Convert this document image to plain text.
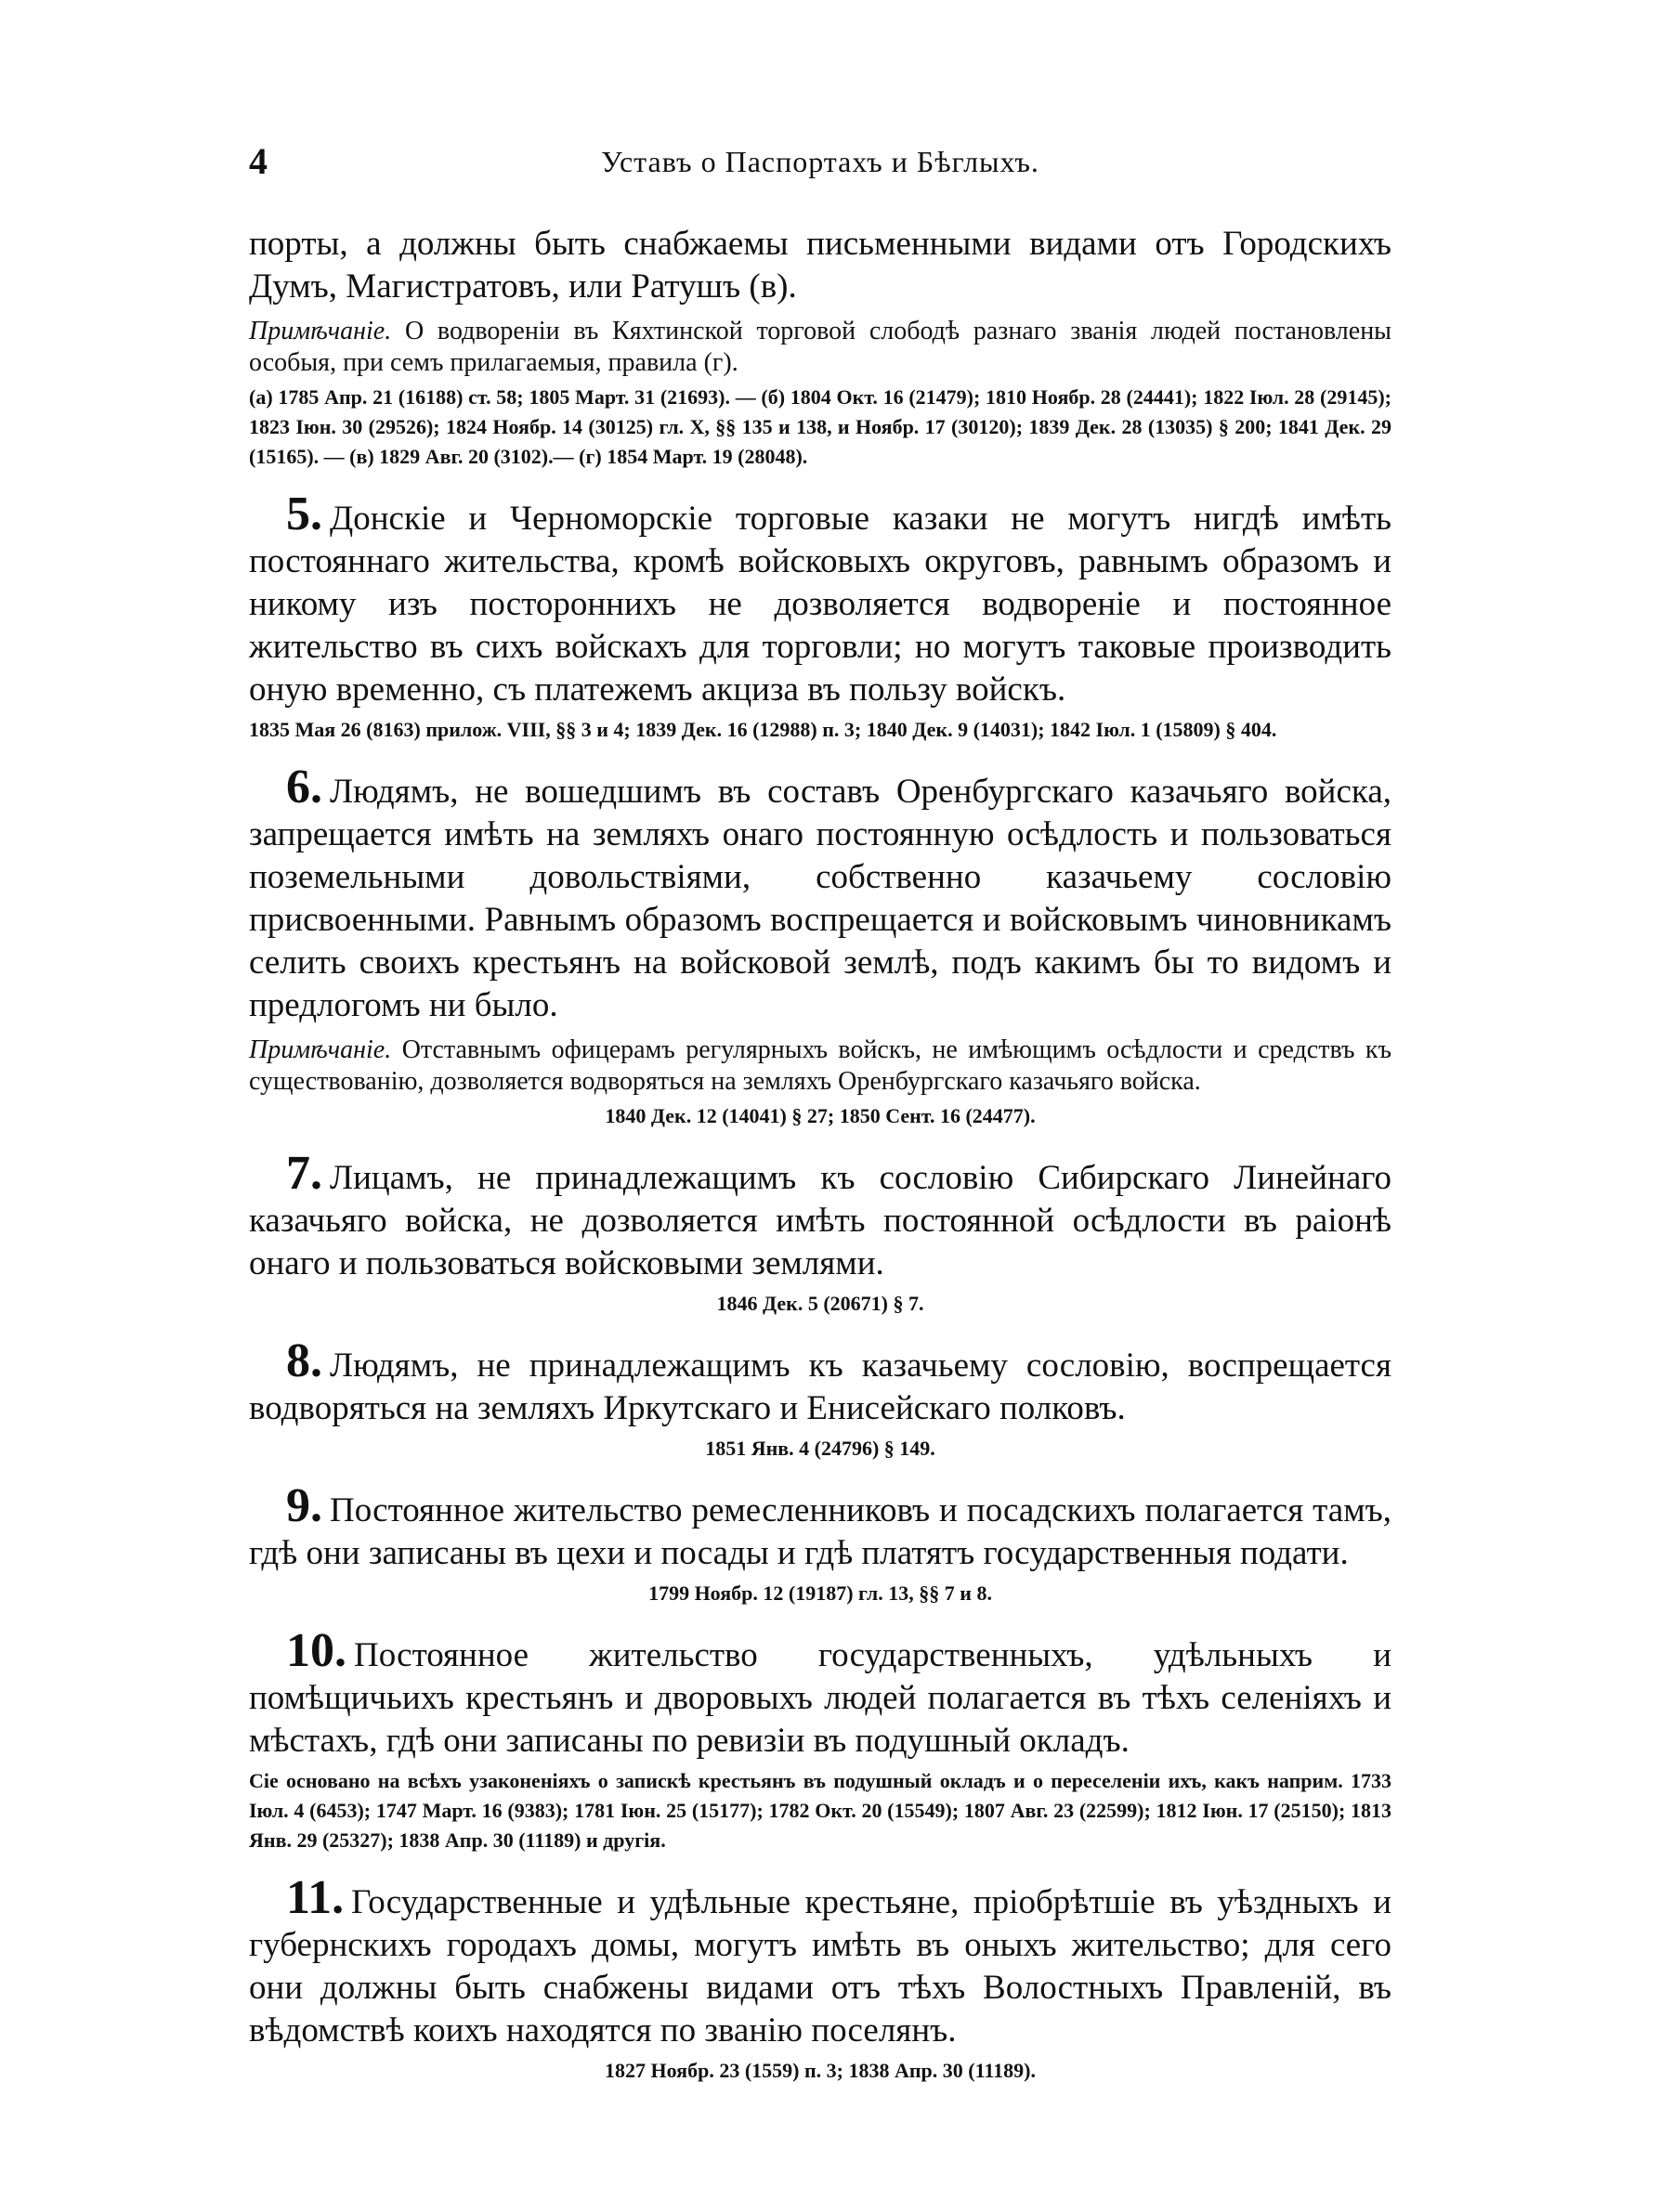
4	Уставъ о Паспортахъ и Бѣглыхъ.

порты, а должны быть снабжаемы письменными видами отъ Городскихъ Думъ, Магистратовъ, или Ратушъ (в).

Примѣчаніе. О водвореніи въ Кяхтинской торговой слободѣ разнаго званія людей постановлены особыя, при семъ прилагаемыя, правила (г).

(а) 1785 Апр. 21 (16188) ст. 58; 1805 Март. 31 (21693). — (б) 1804 Окт. 16 (21479); 1810 Ноябр. 28 (24441); 1822 Іюл. 28 (29145); 1823 Іюн. 30 (29526); 1824 Ноябр. 14 (30125) гл. X, §§ 135 и 138, и Ноябр. 17 (30120); 1839 Дек. 28 (13035) § 200; 1841 Дек. 29 (15165). — (в) 1829 Авг. 20 (3102).— (г) 1854 Март. 19 (28048).

5. Донскіе и Черноморскіе торговые казаки не могутъ нигдѣ имѣть постояннаго жительства, кромѣ войсковыхъ округовъ, равнымъ образомъ и никому изъ постороннихъ не дозволяется водвореніе и постоянное жительство въ сихъ войскахъ для торговли; но могутъ таковые производить оную временно, съ платежемъ акциза въ пользу войскъ.

1835 Мая 26 (8163) прилож. VIII, §§ 3 и 4; 1839 Дек. 16 (12988) п. 3; 1840 Дек. 9 (14031); 1842 Іюл. 1 (15809) § 404.

6. Людямъ, не вошедшимъ въ составъ Оренбургскаго казачьяго войска, запрещается имѣть на земляхъ онаго постоянную осѣдлость и пользоваться поземельными довольствіями, собственно казачьему сословію присвоенными. Равнымъ образомъ воспрещается и войсковымъ чиновникамъ селить своихъ крестьянъ на войсковой землѣ, подъ какимъ бы то видомъ и предлогомъ ни было.

Примѣчаніе. Отставнымъ офицерамъ регулярныхъ войскъ, не имѣющимъ осѣдлости и средствъ къ существованію, дозволяется водворяться на земляхъ Оренбургскаго казачьяго войска.

1840 Дек. 12 (14041) § 27; 1850 Сент. 16 (24477).

7. Лицамъ, не принадлежащимъ къ сословію Сибирскаго Линейнаго казачьяго войска, не дозволяется имѣть постоянной осѣдлости въ раіонѣ онаго и пользоваться войсковыми землями.

1846 Дек. 5 (20671) § 7.

8. Людямъ, не принадлежащимъ къ казачьему сословію, воспрещается водворяться на земляхъ Иркутскаго и Енисейскаго полковъ.

1851 Янв. 4 (24796) § 149.

9. Постоянное жительство ремесленниковъ и посадскихъ полагается тамъ, гдѣ они записаны въ цехи и посады и гдѣ платятъ государственныя подати.

1799 Ноябр. 12 (19187) гл. 13, §§ 7 и 8.

10. Постоянное жительство государственныхъ, удѣльныхъ и помѣщичьихъ крестьянъ и дворовыхъ людей полагается въ тѣхъ селеніяхъ и мѣстахъ, гдѣ они записаны по ревизіи въ подушный окладъ.

Сіе основано на всѣхъ узаконеніяхъ о запискѣ крестьянъ въ подушный окладъ и о переселеніи ихъ, какъ наприм. 1733 Іюл. 4 (6453); 1747 Март. 16 (9383); 1781 Іюн. 25 (15177); 1782 Окт. 20 (15549); 1807 Авг. 23 (22599); 1812 Іюн. 17 (25150); 1813 Янв. 29 (25327); 1838 Апр. 30 (11189) и другія.

11. Государственные и удѣльные крестьяне, пріобрѣтшіе въ уѣздныхъ и губернскихъ городахъ домы, могутъ имѣть въ оныхъ жительство; для сего они должны быть снабжены видами отъ тѣхъ Волостныхъ Правленій, въ вѣдомствѣ коихъ находятся по званію поселянъ.

1827 Ноябр. 23 (1559) п. 3; 1838 Апр. 30 (11189).
